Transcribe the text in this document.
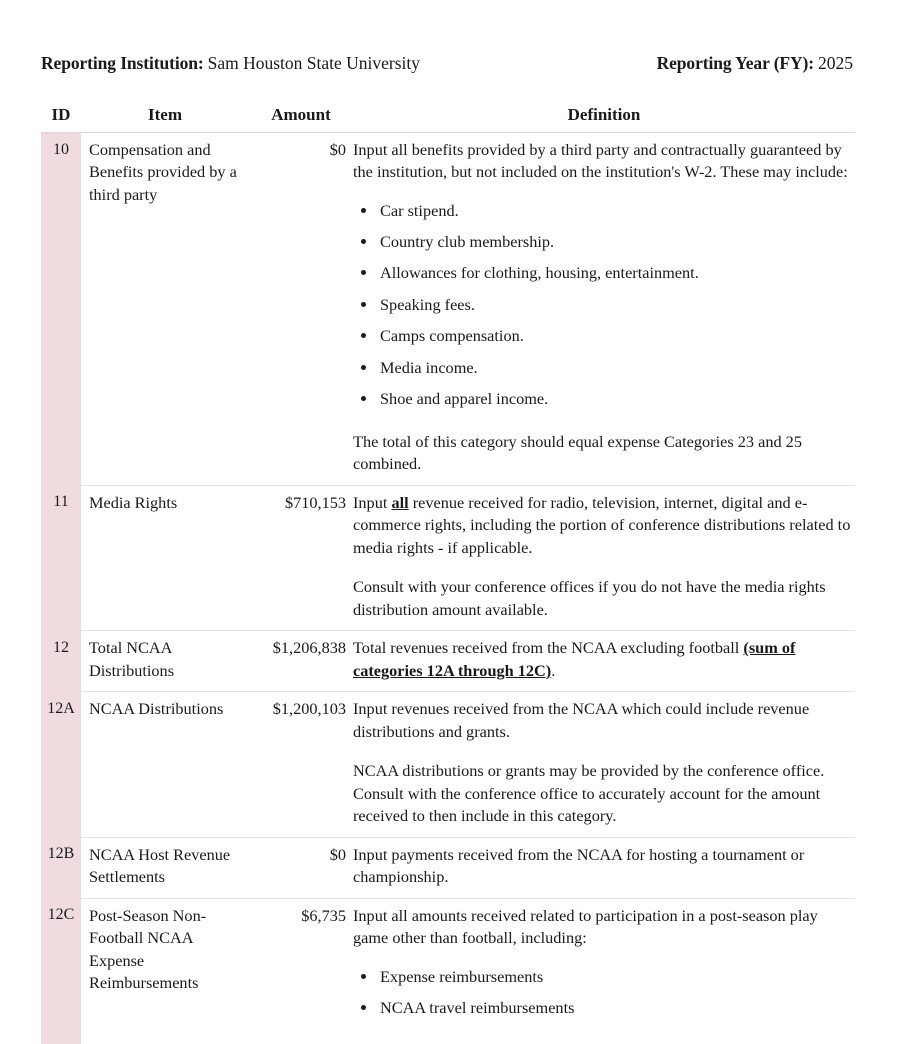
Reporting Institution: Sam Houston State University	Reporting Year (FY): 2025
ID	Item	Amount	Definition
10	Compensation and Benefits provided by a third party	$0	Input all benefits provided by a third party and contractually guaranteed by the institution, but not included on the institution's W-2. These may include:

• Car stipend.
• Country club membership.
• Allowances for clothing, housing, entertainment.
• Speaking fees.
• Camps compensation.
• Media income.
• Shoe and apparel income.

The total of this category should equal expense Categories 23 and 25 combined.

11	Media Rights	$710,153	Input all revenue received for radio, television, internet, digital and e-commerce rights, including the portion of conference distributions related to media rights - if applicable.

Consult with your conference offices if you do not have the media rights distribution amount available.

12	Total NCAA Distributions	$1,206,838	Total revenues received from the NCAA excluding football (sum of categories 12A through 12C).

12A	NCAA Distributions	$1,200,103	Input revenues received from the NCAA which could include revenue distributions and grants.

NCAA distributions or grants may be provided by the conference office. Consult with the conference office to accurately account for the amount received to then include in this category.

12B	NCAA Host Revenue Settlements	$0	Input payments received from the NCAA for hosting a tournament or championship.

12C	Post-Season Non-Football NCAA Expense Reimbursements	$6,735	Input all amounts received related to participation in a post-season play game other than football, including:

• Expense reimbursements
• NCAA travel reimbursements
